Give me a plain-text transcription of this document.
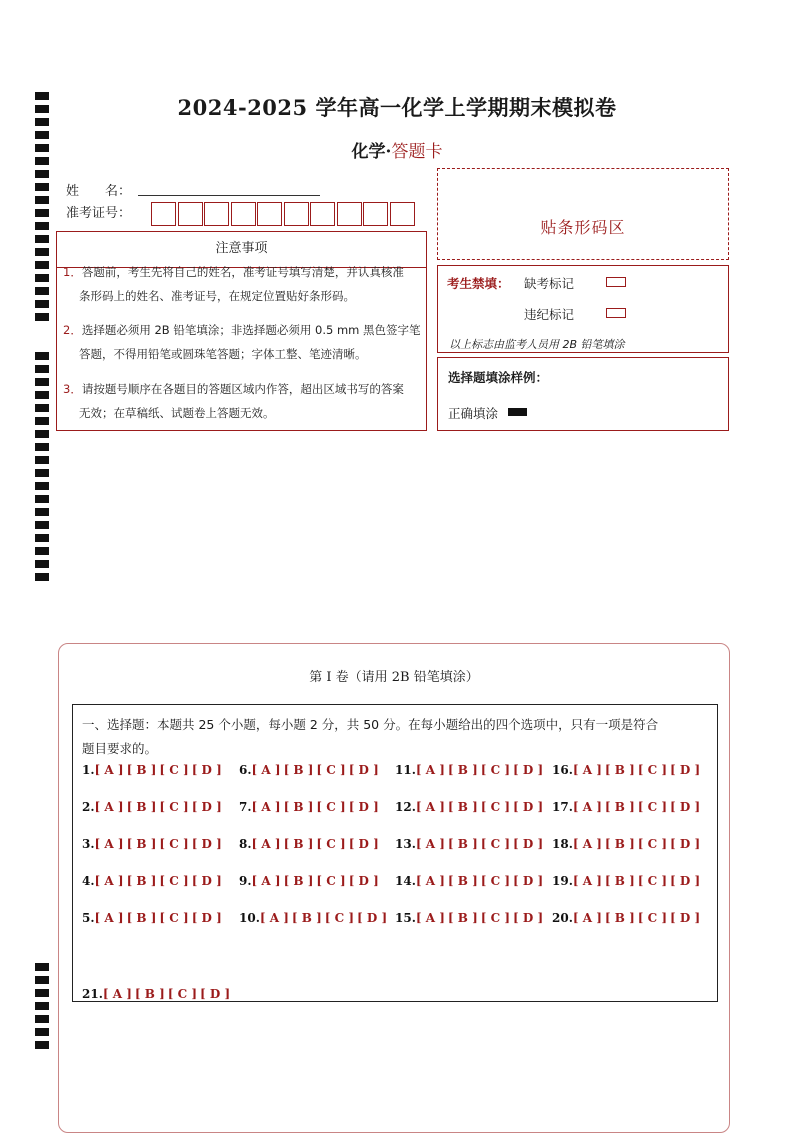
2024-2025 学年高一化学上学期期末模拟卷
化学·答题卡
姓　　名：
准考证号：
贴条形码区
注意事项

1．答题前，考生先将自己的姓名，准考证号填写清楚，并认真核准

条形码上的姓名、准考证号，在规定位置贴好条形码。

2．选择题必须用 2B 铅笔填涂；非选择题必须用 0.5 mm 黑色签字笔

答题，不得用铅笔或圆珠笔答题；字体工整、笔迹清晰。

3．请按题号顺序在各题目的答题区域内作答，超出区域书写的答案

无效；在草稿纸、试题卷上答题无效。

考生禁填： 缺考标记
违纪标记
以上标志由监考人员用 2B 铅笔填涂
选择题填涂样例：
正确填涂
第 I 卷（请用 2B 铅笔填涂）

一、选择题：本题共 25 个小题，每小题 2 分，共 50 分。在每小题给出的四个选项中，只有一项是符合
题目要求的。

1.[ A ] [ B ] [ C ] [ D ]
2.[ A ] [ B ] [ C ] [ D ]
3.[ A ] [ B ] [ C ] [ D ]
4.[ A ] [ B ] [ C ] [ D ]
5.[ A ] [ B ] [ C ] [ D ]
6.[ A ] [ B ] [ C ] [ D ]
7.[ A ] [ B ] [ C ] [ D ]
8.[ A ] [ B ] [ C ] [ D ]
9.[ A ] [ B ] [ C ] [ D ]
10.[ A ] [ B ] [ C ] [ D ]
11.[ A ] [ B ] [ C ] [ D ]
12.[ A ] [ B ] [ C ] [ D ]
13.[ A ] [ B ] [ C ] [ D ]
14.[ A ] [ B ] [ C ] [ D ]
15.[ A ] [ B ] [ C ] [ D ]
16.[ A ] [ B ] [ C ] [ D ]
17.[ A ] [ B ] [ C ] [ D ]
18.[ A ] [ B ] [ C ] [ D ]
19.[ A ] [ B ] [ C ] [ D ]
20.[ A ] [ B ] [ C ] [ D ]
21.[ A ] [ B ] [ C ] [ D ]
